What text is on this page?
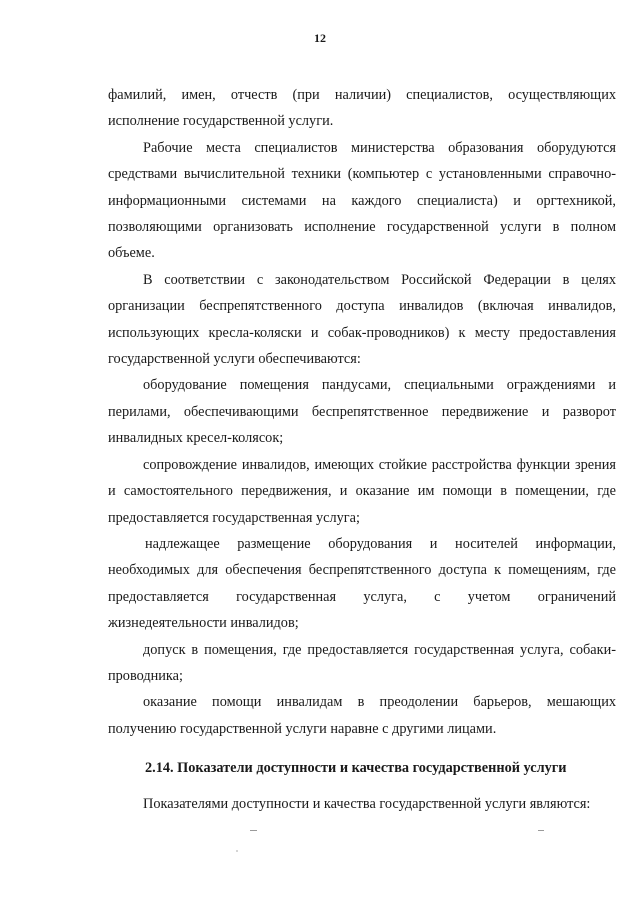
12

фамилий, имен, отчеств (при наличии) специалистов, осуществляющих исполнение государственной услуги.

Рабочие места специалистов министерства образования оборудуются средствами вычислительной техники (компьютер с установленными справочно-информационными системами на каждого специалиста) и оргтехникой, позволяющими организовать исполнение государственной услуги в полном объеме.

В соответствии с законодательством Российской Федерации в целях организации беспрепятственного доступа инвалидов (включая инвалидов, использующих кресла-коляски и собак-проводников) к месту предоставления государственной услуги обеспечиваются:

оборудование помещения пандусами, специальными ограждениями и перилами, обеспечивающими беспрепятственное передвижение и разворот инвалидных кресел-колясок;

сопровождение инвалидов, имеющих стойкие расстройства функции зрения и самостоятельного передвижения, и оказание им помощи в помещении, где предоставляется государственная услуга;

надлежащее размещение оборудования и носителей информации, необходимых для обеспечения беспрепятственного доступа к помещениям, где предоставляется государственная услуга, с учетом ограничений жизнедеятельности инвалидов;

допуск в помещения, где предоставляется государственная услуга, собаки-проводника;

оказание помощи инвалидам в преодолении барьеров, мешающих получению государственной услуги наравне с другими лицами.

2.14. Показатели доступности и качества государственной услуги

Показателями доступности и качества государственной услуги являются:
